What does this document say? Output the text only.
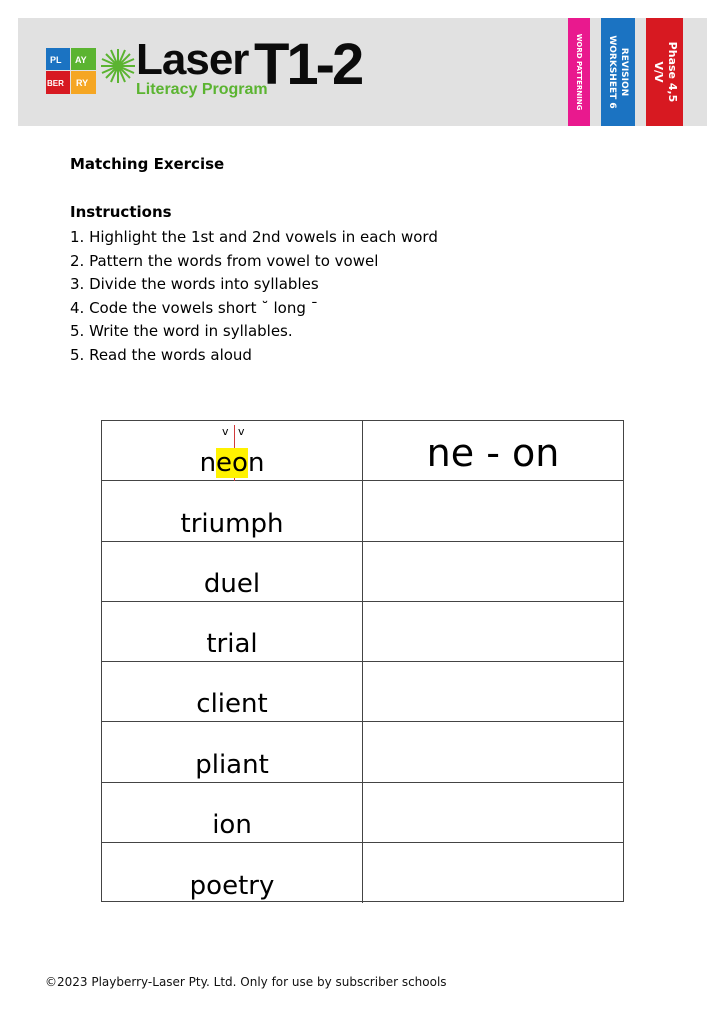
PL AY
BER RY Laser T1-2
Literacy Program	WORD PATTERNING	REVISION
WORKSHEET 6	Phase 4,5
V/V
Matching Exercise
Instructions
1. Highlight the 1st and 2nd vowels in each word
2. Pattern the words from vowel to vowel
3. Divide the words into syllables
4. Code the vowels short ˘ long ¯
5. Write the word in syllables.
5. Read the words aloud
v v
neon	ne - on
triumph
duel
trial
client
pliant
ion
poetry
©2023 Playberry-Laser Pty. Ltd. Only for use by subscriber schools
